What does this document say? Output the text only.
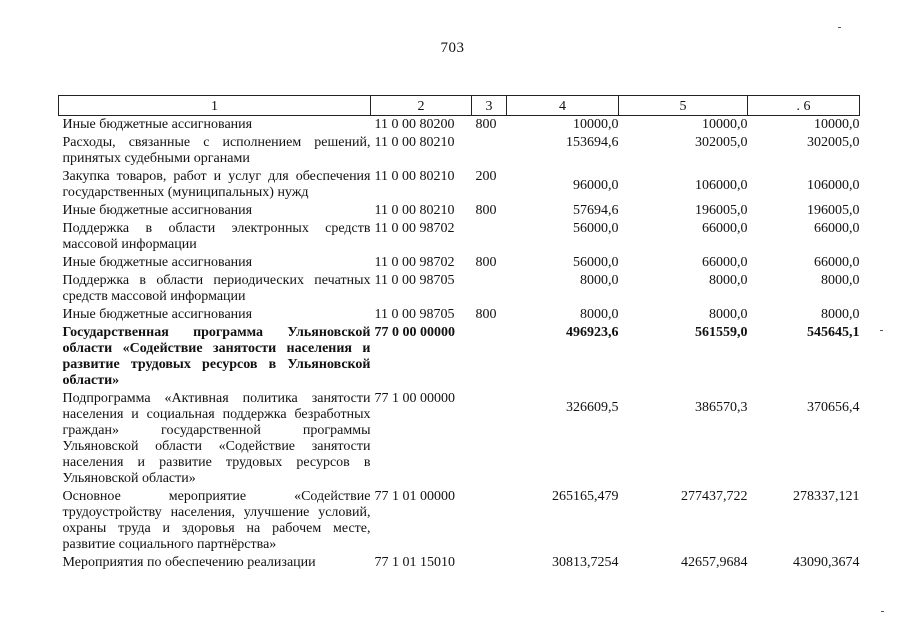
703
1	2	3	4	5	. 6
Иные бюджетные ассигнования	11 0 00 80200	800	10000,0	10000,0	10000,0
Расходы, связанные с исполнением решений, принятых судебными органами	11 0 00 80210		153694,6	302005,0	302005,0
Закупка товаров, работ и услуг для обеспечения государственных (муниципальных) нужд	11 0 00 80210	200	96000,0	106000,0	106000,0
Иные бюджетные ассигнования	11 0 00 80210	800	57694,6	196005,0	196005,0
Поддержка в области электронных средств массовой информации	11 0 00 98702		56000,0	66000,0	66000,0
Иные бюджетные ассигнования	11 0 00 98702	800	56000,0	66000,0	66000,0
Поддержка в области периодических печатных средств массовой информации	11 0 00 98705		8000,0	8000,0	8000,0
Иные бюджетные ассигнования	11 0 00 98705	800	8000,0	8000,0	8000,0
Государственная программа Ульяновской области «Содействие занятости населения и развитие трудовых ресурсов в Ульяновской области»	77 0 00 00000		496923,6	561559,0	545645,1
Подпрограмма «Активная политика занятости населения и социальная поддержка безработных граждан» государственной программы Ульяновской области «Содействие занятости населения и развитие трудовых ресурсов в Ульяновской области»	77 1 00 00000		326609,5	386570,3	370656,4
Основное мероприятие «Содействие трудоустройству населения, улучшение условий, охраны труда и здоровья на рабочем месте, развитие социального партнёрства»	77 1 01 00000		265165,479	277437,722	278337,121
Мероприятия по обеспечению реализации	77 1 01 15010		30813,7254	42657,9684	43090,3674
